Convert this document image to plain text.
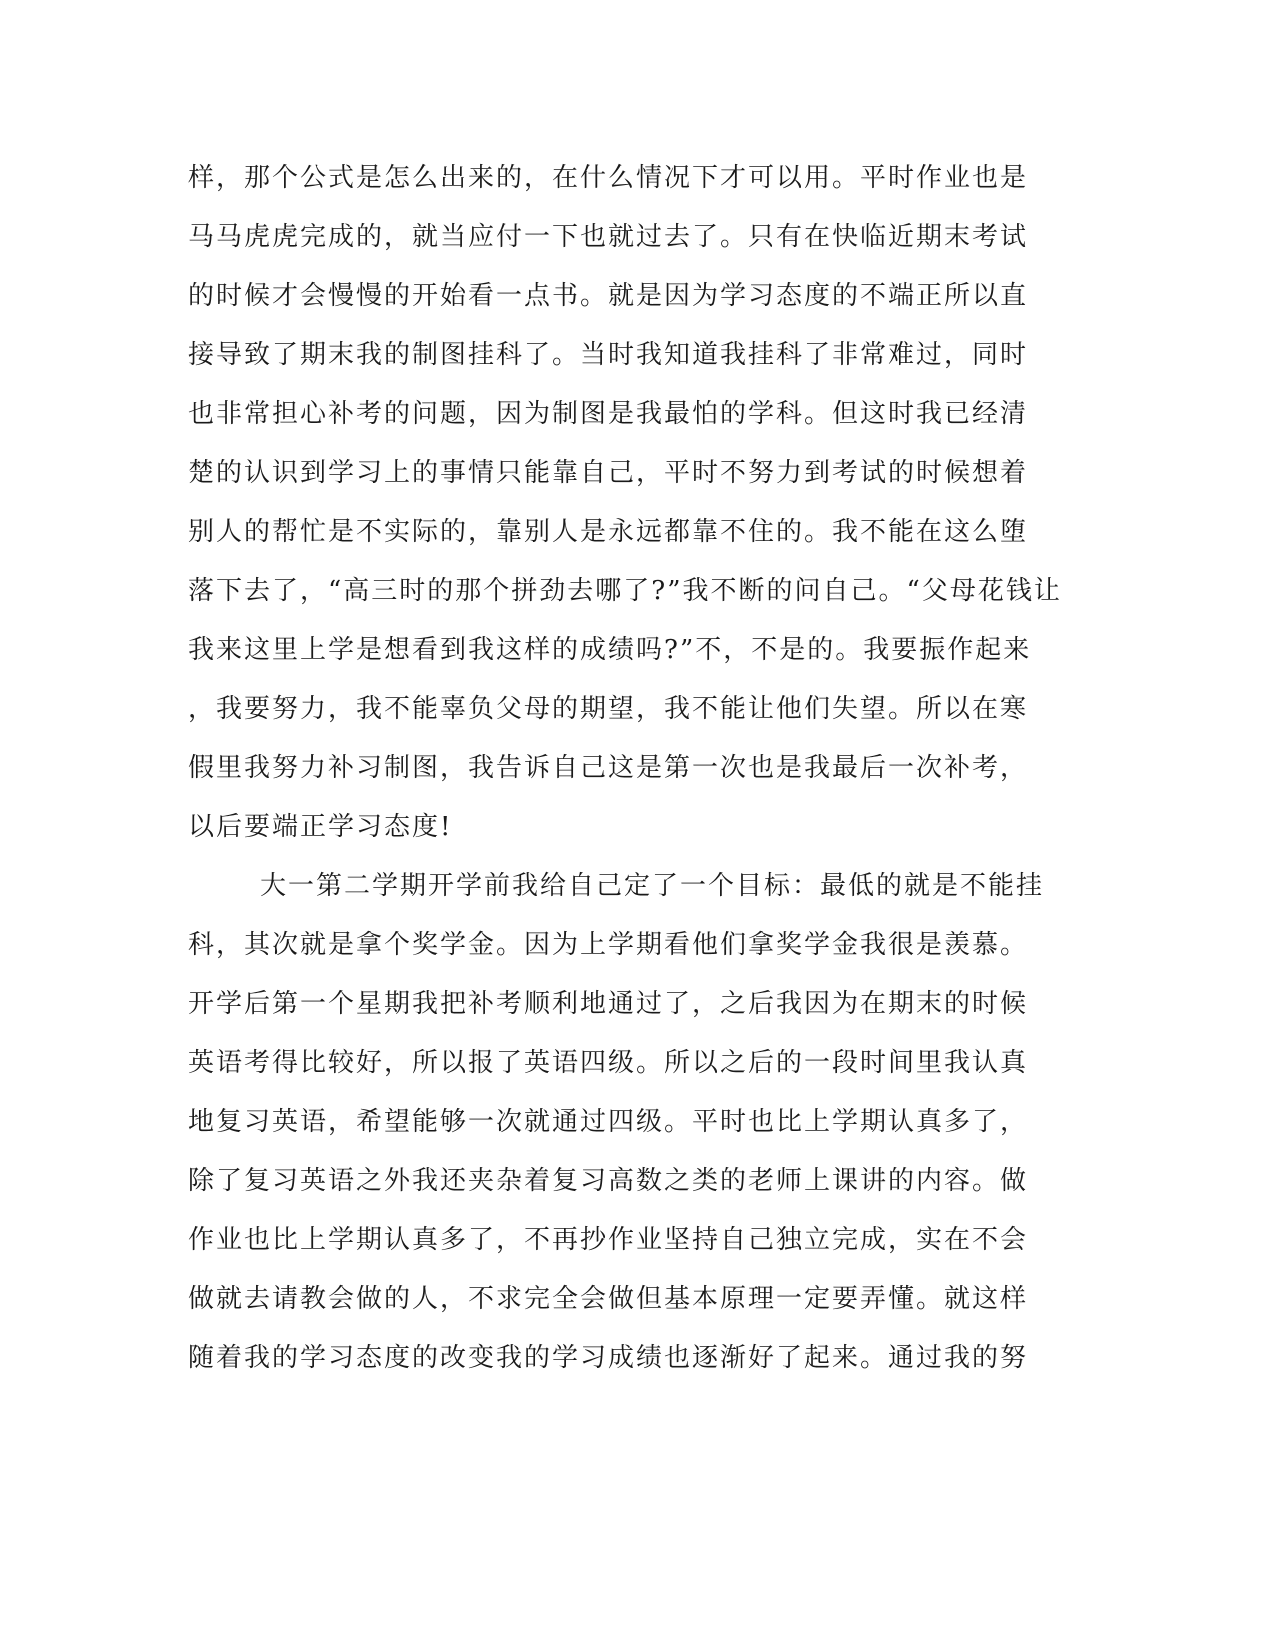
样，那个公式是怎么出来的，在什么情况下才可以用。平时作业也是
马马虎虎完成的，就当应付一下也就过去了。只有在快临近期末考试
的时候才会慢慢的开始看一点书。就是因为学习态度的不端正所以直
接导致了期末我的制图挂科了。当时我知道我挂科了非常难过，同时
也非常担心补考的问题，因为制图是我最怕的学科。但这时我已经清
楚的认识到学习上的事情只能靠自己，平时不努力到考试的时候想着
别人的帮忙是不实际的，靠别人是永远都靠不住的。我不能在这么堕
落下去了，“高三时的那个拼劲去哪了?”我不断的问自己。“父母花钱让
我来这里上学是想看到我这样的成绩吗?”不，不是的。我要振作起来
，我要努力，我不能辜负父母的期望，我不能让他们失望。所以在寒
假里我努力补习制图，我告诉自己这是第一次也是我最后一次补考，
以后要端正学习态度!
大一第二学期开学前我给自己定了一个目标：最低的就是不能挂
科，其次就是拿个奖学金。因为上学期看他们拿奖学金我很是羡慕。
开学后第一个星期我把补考顺利地通过了，之后我因为在期末的时候
英语考得比较好，所以报了英语四级。所以之后的一段时间里我认真
地复习英语，希望能够一次就通过四级。平时也比上学期认真多了，
除了复习英语之外我还夹杂着复习高数之类的老师上课讲的内容。做
作业也比上学期认真多了，不再抄作业坚持自己独立完成，实在不会
做就去请教会做的人，不求完全会做但基本原理一定要弄懂。就这样
随着我的学习态度的改变我的学习成绩也逐渐好了起来。通过我的努
